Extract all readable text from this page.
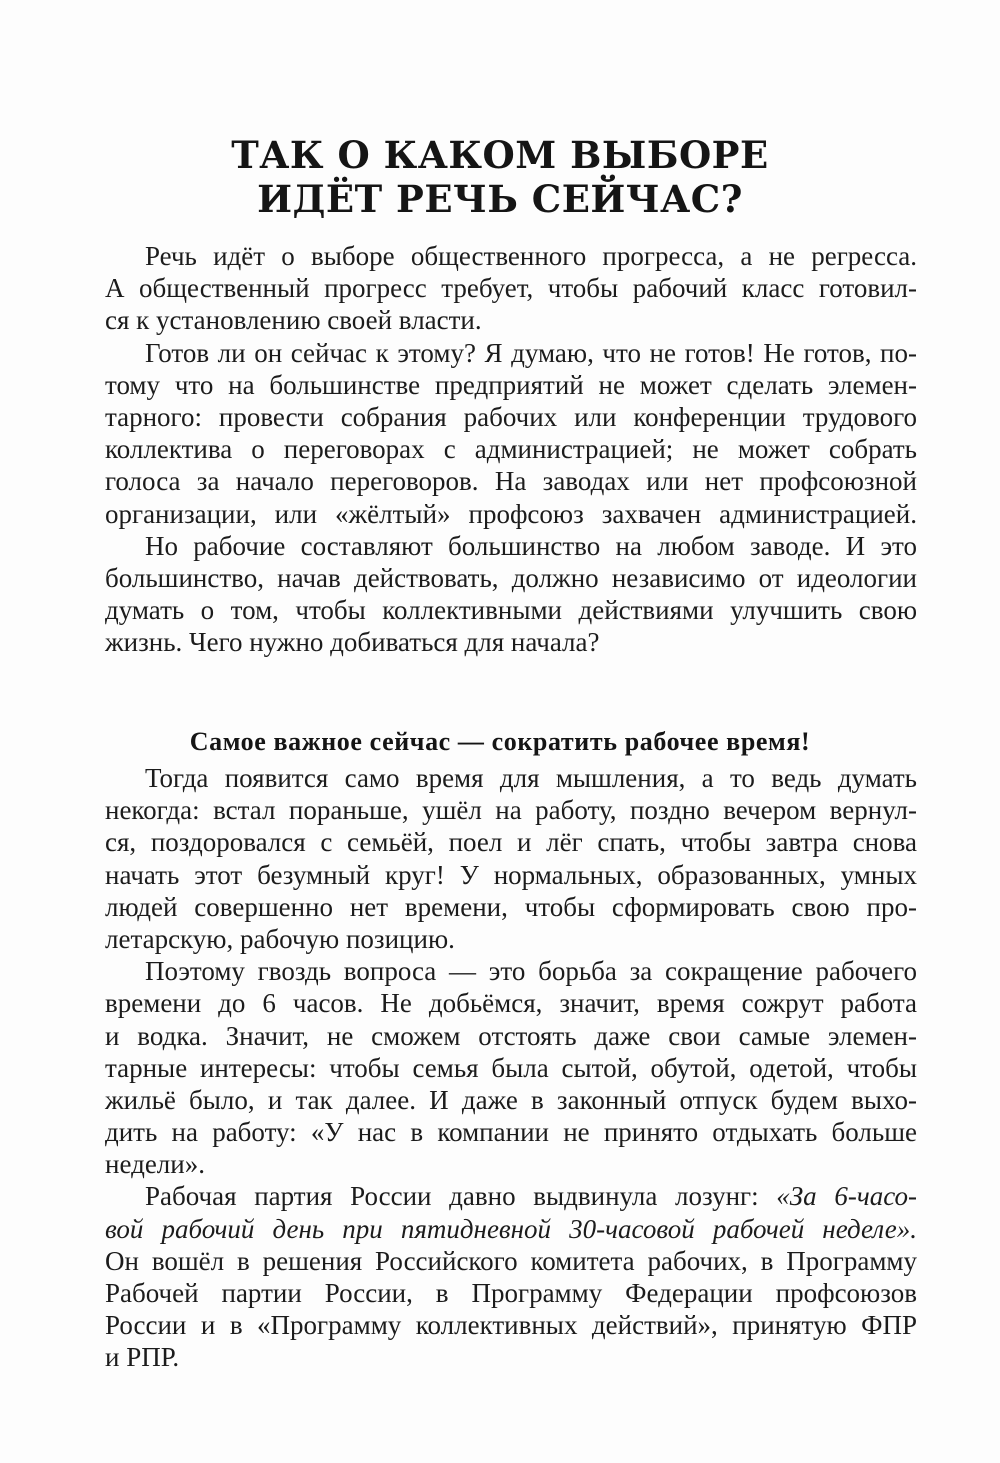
ТАК О КАКОМ ВЫБОРЕ
ИДЁТ РЕЧЬ СЕЙЧАС?
Речь идёт о выборе общественного прогресса, а не регресса.
А общественный прогресс требует, чтобы рабочий класс готовил-
ся к установлению своей власти.
Готов ли он сейчас к этому? Я думаю, что не готов! Не готов, по-
тому что на большинстве предприятий не может сделать элемен-
тарного: провести собрания рабочих или конференции трудового
коллектива о переговорах с администрацией; не может собрать
голоса за начало переговоров. На заводах или нет профсоюзной
организации, или «жёлтый» профсоюз захвачен администрацией.
Но рабочие составляют большинство на любом заводе. И это
большинство, начав действовать, должно независимо от идеологии
думать о том, чтобы коллективными действиями улучшить свою
жизнь. Чего нужно добиваться для начала?
Самое важное сейчас — сократить рабочее время!
Тогда появится само время для мышления, а то ведь думать
некогда: встал пораньше, ушёл на работу, поздно вечером вернул-
ся, поздоровался с семьёй, поел и лёг спать, чтобы завтра снова
начать этот безумный круг! У нормальных, образованных, умных
людей совершенно нет времени, чтобы сформировать свою про-
летарскую, рабочую позицию.
Поэтому гвоздь вопроса — это борьба за сокращение рабочего
времени до 6 часов. Не добьёмся, значит, время сожрут работа
и водка. Значит, не сможем отстоять даже свои самые элемен-
тарные интересы: чтобы семья была сытой, обутой, одетой, чтобы
жильё было, и так далее. И даже в законный отпуск будем выхо-
дить на работу: «У нас в компании не принято отдыхать больше
недели».
Рабочая партия России давно выдвинула лозунг: «За 6-часо-
вой рабочий день при пятидневной 30-часовой рабочей неделе».
Он вошёл в решения Российского комитета рабочих, в Программу
Рабочей партии России, в Программу Федерации профсоюзов
России и в «Программу коллективных действий», принятую ФПР
и РПР.
